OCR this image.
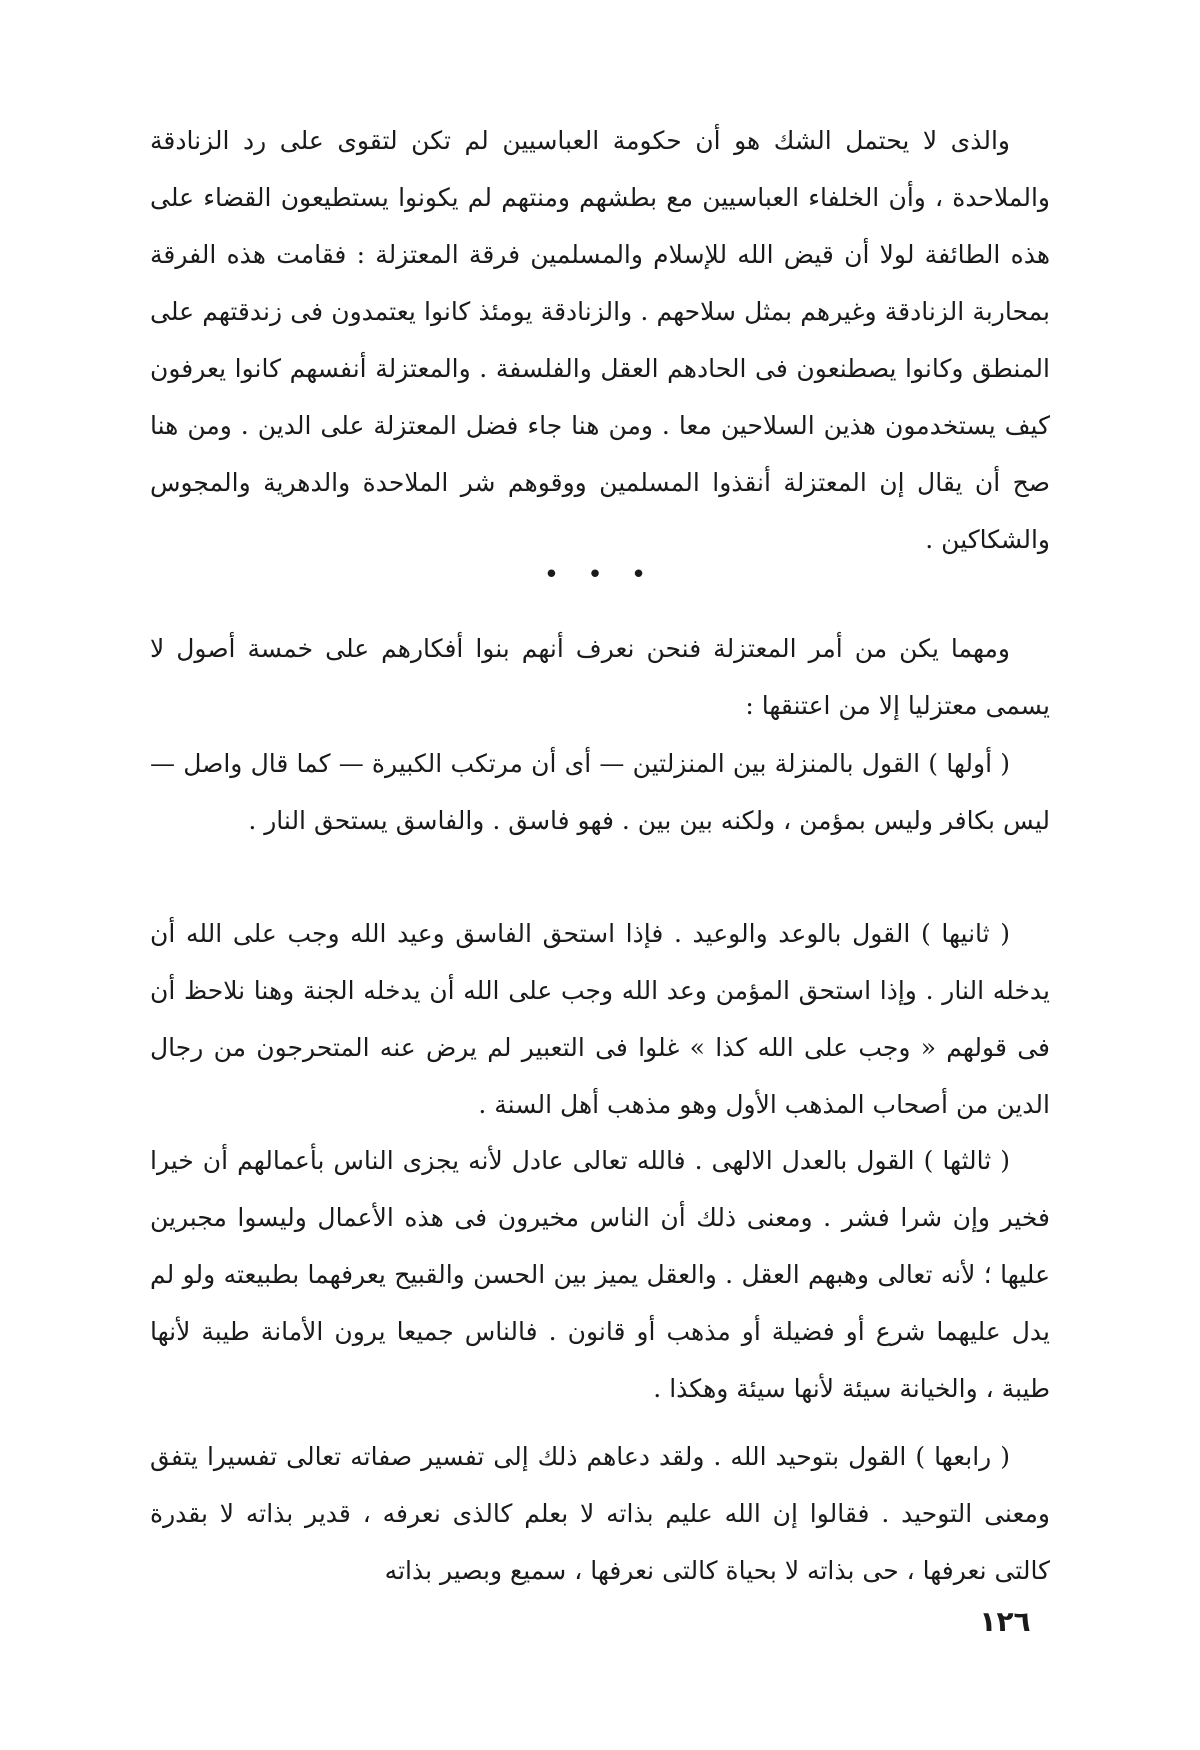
والذى لا يحتمل الشك هو أن حكومة العباسيين لم تكن لتقوى على رد الزنادقة والملاحدة ، وأن الخلفاء العباسيين مع بطشهم ومنتهم لم يكونوا يستطيعون القضاء على هذه الطائفة لولا أن قيض الله للإسلام والمسلمين فرقة المعتزلة : فقامت هذه الفرقة بمحاربة الزنادقة وغيرهم بمثل سلاحهم . والزنادقة يومئذ كانوا يعتمدون فى زندقتهم على المنطق وكانوا يصطنعون فى الحادهم العقل والفلسفة . والمعتزلة أنفسهم كانوا يعرفون كيف يستخدمون هذين السلاحين معا . ومن هنا جاء فضل المعتزلة على الدين . ومن هنا صح أن يقال إن المعتزلة أنقذوا المسلمين ووقوهم شر الملاحدة والدهرية والمجوس والشكاكين .

• • •

ومهما يكن من أمر المعتزلة فنحن نعرف أنهم بنوا أفكارهم على خمسة أصول لا يسمى معتزليا إلا من اعتنقها :

( أولها ) القول بالمنزلة بين المنزلتين — أى أن مرتكب الكبيرة — كما قال واصل — ليس بكافر وليس بمؤمن ، ولكنه بين بين . فهو فاسق . والفاسق يستحق النار .

( ثانيها ) القول بالوعد والوعيد . فإذا استحق الفاسق وعيد الله وجب على الله أن يدخله النار . وإذا استحق المؤمن وعد الله وجب على الله أن يدخله الجنة وهنا نلاحظ أن فى قولهم « وجب على الله كذا » غلوا فى التعبير لم يرض عنه المتحرجون من رجال الدين من أصحاب المذهب الأول وهو مذهب أهل السنة .

( ثالثها ) القول بالعدل الالهى . فالله تعالى عادل لأنه يجزى الناس بأعمالهم أن خيرا فخير وإن شرا فشر . ومعنى ذلك أن الناس مخيرون فى هذه الأعمال وليسوا مجبرين عليها ؛ لأنه تعالى وهبهم العقل . والعقل يميز بين الحسن والقبيح يعرفهما بطبيعته ولو لم يدل عليهما شرع أو فضيلة أو مذهب أو قانون . فالناس جميعا يرون الأمانة طيبة لأنها طيبة ، والخيانة سيئة لأنها سيئة وهكذا .

( رابعها ) القول بتوحيد الله . ولقد دعاهم ذلك إلى تفسير صفاته تعالى تفسيرا يتفق ومعنى التوحيد . فقالوا إن الله عليم بذاته لا بعلم كالذى نعرفه ، قدير بذاته لا بقدرة كالتى نعرفها ، حى بذاته لا بحياة كالتى نعرفها ، سميع وبصير بذاته

١٢٦
